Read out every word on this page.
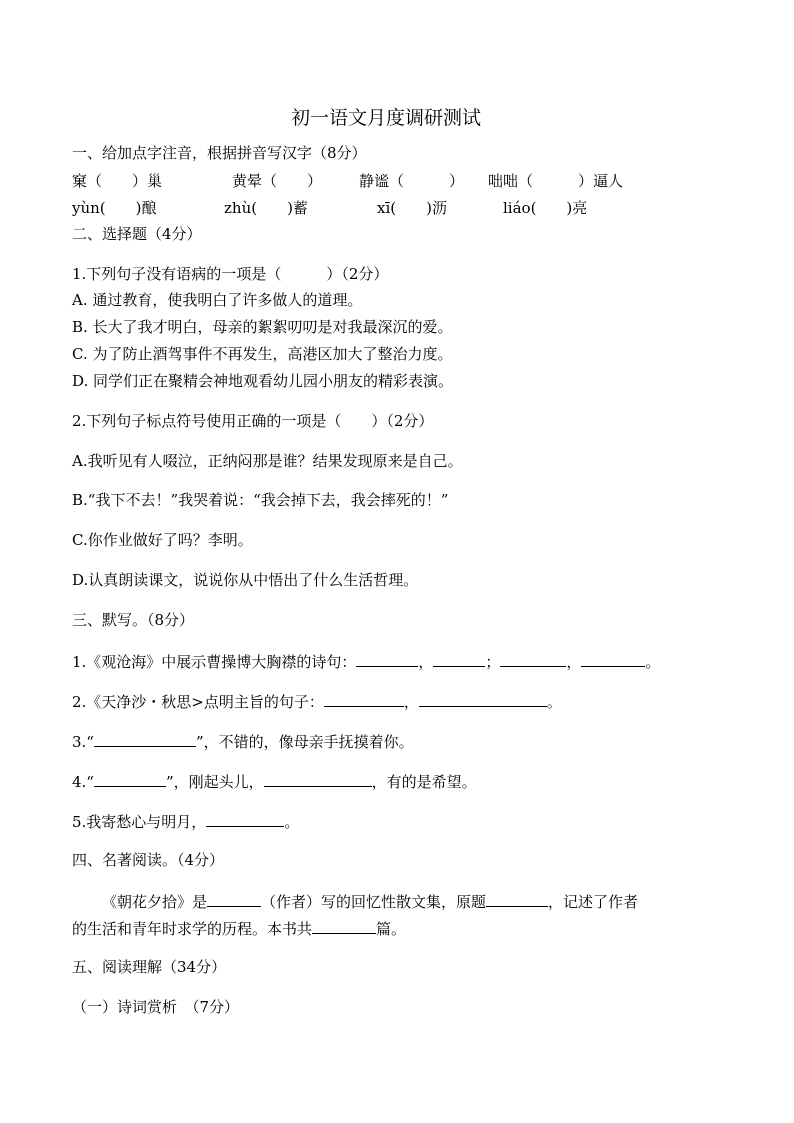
初一语文月度调研测试
一、给加点字注音，根据拼音写汉字（8分）
窠（　　）巢	黄晕（　　） 静谧（　　　） 咄咄（　　　）逼人
yùn(　　)酿	zhù(　　)蓄	xī(　　)沥	liáo(　　)亮
二、选择题（4分）
1.下列句子没有语病的一项是（　　　）（2分）
A. 通过教育，使我明白了许多做人的道理。
B. 长大了我才明白，母亲的絮絮叨叨是对我最深沉的爱。
C. 为了防止酒驾事件不再发生，高港区加大了整治力度。
D. 同学们正在聚精会神地观看幼儿园小朋友的精彩表演。
2.下列句子标点符号使用正确的一项是（　　）（2分）
A.我听见有人啜泣，正纳闷那是谁？结果发现原来是自己。
B.“我下不去！”我哭着说：“我会掉下去，我会摔死的！”
C.你作业做好了吗？李明。
D.认真朗读课文，说说你从中悟出了什么生活哲理。
三、默写。（8分）
1.《观沧海》中展示曹操博大胸襟的诗句：	，	；	，	。
2.《天净沙・秋思>点明主旨的句子：	，	。
3.“	”，不错的，像母亲手抚摸着你。
4.“	”，刚起头儿，	，有的是希望。
5.我寄愁心与明月，	。
四、名著阅读。（4分）
《朝花夕拾》是	（作者）写的回忆性散文集，原题	，记述了作者
的生活和青年时求学的历程。本书共	篇。
五、阅读理解（34分）
（一）诗词赏析　（7分）
